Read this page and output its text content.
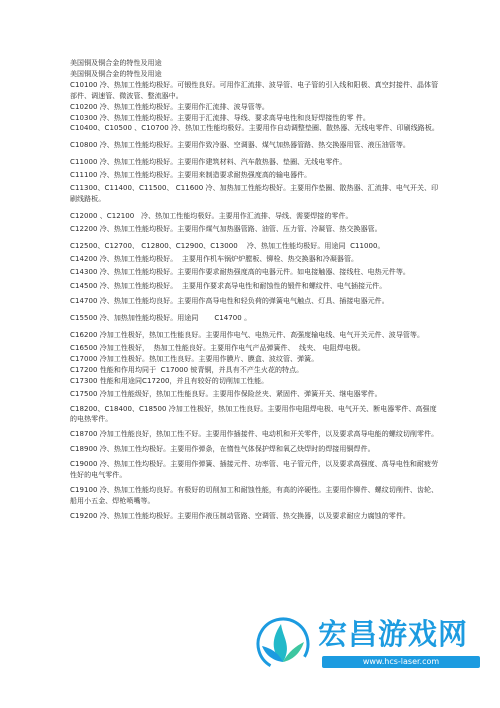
美国铜及铜合金的特性及用途
美国铜及铜合金的特性及用途

C10100 冷、热加工性能均极好。可锻性良好。可用作汇流排、波导管、电子管的引入线和阳极、真空封接件、晶体管部件、调速管、微波管、整流器中。

C10200 冷、热加工性能均极好。主要用作汇流排、波导管等。

C10300 冷、热加工性能均极好。主要用于汇流排、导线、要求高导电性和良好焊接性的零 件。

C10400、C10500 、C10700 冷、热加工性能均极好。主要用作自动调整垫圈、散热器、无线电零件、印刷线路板。

C10800 冷、热加工性能均极好。主要用作致冷器、空调器、煤气加热器管路、热交换器用管、液压油管等。

C11000 冷、热加工性能均极好。主要用作建筑材料、汽车散热器、垫圈、无线电零件。

C11100 冷、热加工性能均极好。主要用来制造要求耐热强度高的输电器件。

C11300、C11400、C11500、 C11600 冷、加热加工性能均极好。主要用作垫圈、散热器、汇流排、电气开关、印刷线路板。

C12000 、C12100   冷、热加工性能均极好。主要用作汇流排、导线、需要焊接的零件。

C12200 冷、热加工性能均极好。主要用作煤气加热器管路、油管、压力管、冷凝管、热交换器管。

C12500、C12700、 C12800、C12900、C13000    冷、热加工性能均极好。用途同  C11000。

C14200 冷、热加工性能均极好。  主要用作机车锅炉炉膛板、铆栓、热交换器和冷凝器管。

C14300 冷、热加工性能均极好。主要用作要求耐热强度高的电器元件。如电接触器、接线柱、电热元件等。

C14500 冷、热加工性能均极好。  主要用作要求高导电性和耐蚀性的锻件和螺纹件、电气插接元件。

C14700 冷、热加工性能均良好。主要用作高导电性和轻负荷的弹簧电气触点、灯具、插接电器元件。

C15500 冷、加热加性能均极好。用途同       C14700 。

C16200 冷加工性极好，热加工性能良好。主要用作电气、电热元件、高强度输电线、电气开关元件、波导管等。

C16500 冷加工性极好，  热加工性能良好。主要用作电气产品弹簧件、  线夹、 电阻焊电极。

C17000 冷加工性极好。热加工性良好。主要用作膜片、膜盒、波纹管、弹簧。

C17200 性能和作用均同于  C17000 铍青铜，并具有不产生火花的特点。

C17300 性能和用途同C17200，并且有较好的切削加工性能。

C17500 冷加工性能级好，热加工性能良好。主要用作保险丝夹、紧固件、弹簧开关、继电器零件。

C18200、C18400、C18500 冷加工性极好，热加工性良好。主要用作电阻焊电极、电气开关、断电器零件、高强度的电热零件。

C18700 冷加工性能良好，热加工性不好。主要用作插接件、电动机和开关零件，以及要求高导电能的螺纹切削零件。

C18900 冷、热加工性均极好。主要用作弹条，在惰性气体保护焊和氧乙炔焊时的焊接用铜焊件。

C19000 冷、热加工性均极好。主要用作弹簧、插接元件、功率管、电子管元件，以及要求高强度、高导电性和耐疲劳性好的电气零件。

C19100 冷、热加工性能均良好。有极好的切削加工和耐蚀性能，有高的淬硬性。主要用作铆件、螺纹切削件、齿轮、船用小五金、焊枪喷嘴等。

C19200 冷、热加工性能均极好。主要用作液压制动管路、空调管、热交换器，以及要求耐应力腐蚀的零件。

宏昌游戏网
www.hcs-laser.com
